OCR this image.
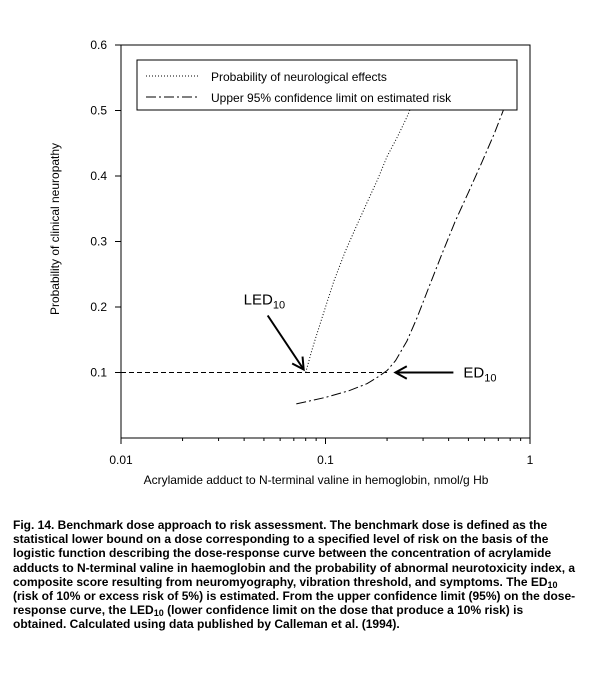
0.01	0.1	1
0.1
0.2
0.3
0.4
0.5
0.6
$LED_{10}$
$ED_{10}$
Probability of neurological effects
Upper 95% confidence limit on estimated risk
Acrylamide adduct to N-terminal valine in hemoglobin, nmol/g Hb
Probability of clinical neuropathy
Fig. 14. Benchmark dose approach to risk assessment. The benchmark dose is defined as the statistical lower bound on a dose corresponding to a specified level of risk on the basis of the logistic function describing the dose-response curve between the concentration of acrylamide adducts to N-terminal valine in haemoglobin and the probability of abnormal neurotoxicity index, a composite score resulting from neuromyography, vibration threshold, and symptoms. The $ED_{10}$ (risk of 10% or excess risk of 5%) is estimated. From the upper confidence limit (95%) on the dose-response curve, the $LED_{10}$ (lower confidence limit on the dose that produce a 10% risk) is obtained. Calculated using data published by Calleman et al. (1994).
